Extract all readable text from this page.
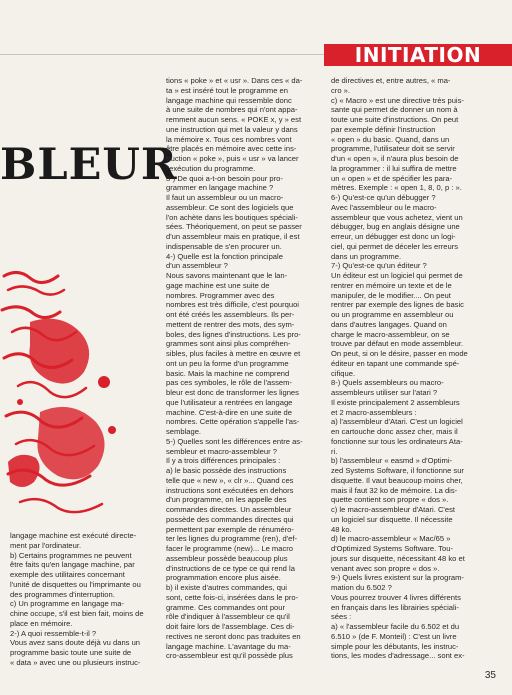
INITIATION
BLEUR
langage machine est exécuté directe-
ment par l'ordinateur.
b) Certains programmes ne peuvent
être faits qu'en langage machine, par
exemple des utilitaires concernant
l'unité de disquettes ou l'imprimante ou
des programmes d'interruption.
c) Un programme en langage ma-
chine occupe, s'il est bien fait, moins de
place en mémoire.
2-) A quoi ressemble-t-il ?
Vous avez sans doute déjà vu dans un
programme basic toute une suite de
« data » avec une ou plusieurs instruc-
tions « poke » et « usr ». Dans ces « da-
ta » est inséré tout le programme en
langage machine qui ressemble donc
à une suite de nombres qui n'ont appa-
remment aucun sens. « POKE x, y » est
une instruction qui met la valeur y dans
la mémoire x. Tous ces nombres vont
être placés en mémoire avec cette ins-
truction « poke », puis « usr » va lancer
l'exécution du programme.
3-) De quoi a-t-on besoin pour pro-
grammer en langage machine ?
Il faut un assembleur ou un macro-
assembleur. Ce sont des logiciels que
l'on achète dans les boutiques spéciali-
sées. Théoriquement, on peut se passer
d'un assembleur mais en pratique, il est
indispensable de s'en procurer un.
4-) Quelle est la fonction principale
d'un assembleur ?
Nous savons maintenant que le lan-
gage machine est une suite de
nombres. Programmer avec des
nombres est très difficile, c'est pourquoi
ont été créés les assembleurs. Ils per-
mettent de rentrer des mots, des sym-
boles, des lignes d'instructions. Les pro-
grammes sont ainsi plus compréhen-
sibles, plus faciles à mettre en œuvre et
ont un peu la forme d'un programme
basic. Mais la machine ne comprend
pas ces symboles, le rôle de l'assem-
bleur est donc de transformer les lignes
que l'utilisateur a rentrées en langage
machine. C'est-à-dire en une suite de
nombres. Cette opération s'appelle l'as-
semblage.
5-) Quelles sont les différences entre as-
sembleur et macro-assembleur ?
Il y a trois différences principales :
a) le basic possède des instructions
telle que « new », « clr »... Quand ces
instructions sont exécutées en dehors
d'un programme, on les appelle des
commandes directes. Un assembleur
possède des commandes directes qui
permettent par exemple de rénuméro-
ter les lignes du programme (ren), d'ef-
facer le programme (new)... Le macro
assembleur possède beaucoup plus
d'instructions de ce type ce qui rend la
programmation encore plus aisée.
b) il existe d'autres commandes, qui
sont, cette fois-ci, insérées dans le pro-
gramme. Ces commandes ont pour
rôle d'indiquer à l'assembleur ce qu'il
doit faire lors de l'assemblage. Ces di-
rectives ne seront donc pas traduites en
langage machine. L'avantage du ma-
cro-assembleur est qu'il possède plus
de directives et, entre autres, « ma-
cro ».
c) « Macro » est une directive très puis-
sante qui permet de donner un nom à
toute une suite d'instructions. On peut
par exemple définir l'instruction
« open » du basic. Quand, dans un
programme, l'utilisateur doit se servir
d'un « open », il n'aura plus besoin de
la programmer : il lui suffira de mettre
un « open » et de spécifier les para-
mètres. Exemple : « open 1, 8, 0, p : ».
6-) Qu'est-ce qu'un débugger ?
Avec l'assembleur ou le macro-
assembleur que vous achetez, vient un
débugger, bug en anglais désigne une
erreur, un débugger est donc un logi-
ciel, qui permet de déceler les erreurs
dans un programme.
7-) Qu'est-ce qu'un éditeur ?
Un éditeur est un logiciel qui permet de
rentrer en mémoire un texte et de le
manipuler, de le modifier.... On peut
rentrer par exemple des lignes de basic
ou un programme en assembleur ou
dans d'autres langages. Quand on
charge le macro-assembleur, on se
trouve par défaut en mode assembleur.
On peut, si on le désire, passer en mode
éditeur en tapant une commande spé-
cifique.
8-) Quels assembleurs ou macro-
assembleurs utiliser sur l'atari ?
Il existe principalement 2 assembleurs
et 2 macro-assembleurs :
a) l'assembleur d'Atari. C'est un logiciel
en cartouche donc assez cher, mais il
fonctionne sur tous les ordinateurs Ata-
ri.
b) l'assembleur « easmd » d'Optimi-
zed Systems Software, il fonctionne sur
disquette. Il vaut beaucoup moins cher,
mais il faut 32 ko de mémoire. La dis-
quette contient son propre « dos ».
c) le macro-assembleur d'Atari. C'est
un logiciel sur disquette. Il nécessite
48 ko.
d) le macro-assembleur « Mac/65 »
d'Optimized Systems Software. Tou-
jours sur disquette, nécessitant 48 ko et
venant avec son propre « dos ».
9-) Quels livres existent sur la program-
mation du 6.502 ?
Vous pourrez trouver 4 livres différents
en français dans les librairies spéciali-
sées :
a) « l'assembleur facile du 6.502 et du
6.510 » (de F. Monteil) : C'est un livre
simple pour les débutants, les instruc-
tions, les modes d'adressage... sont ex-
35
